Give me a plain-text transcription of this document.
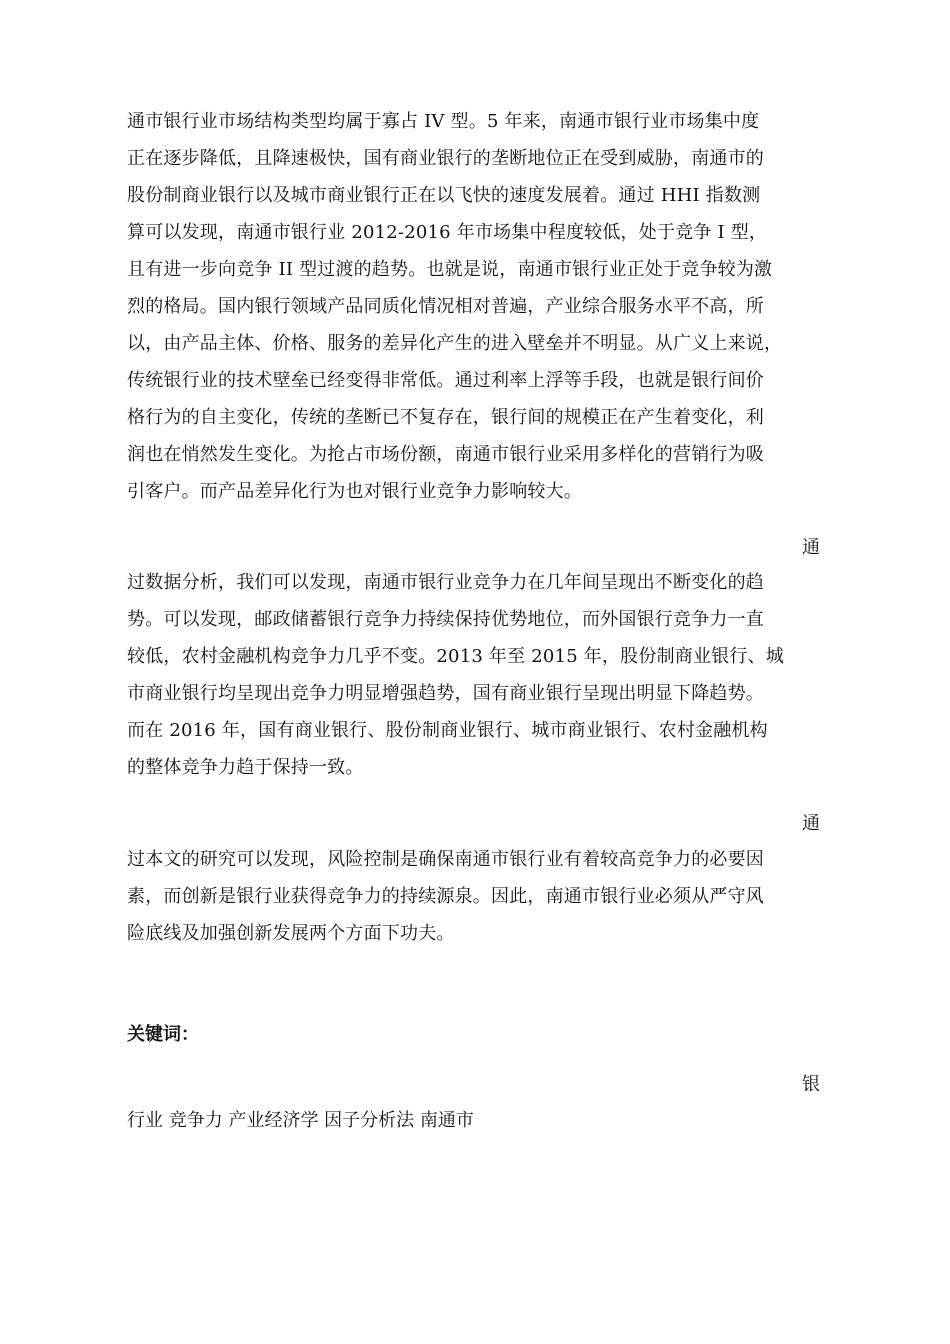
通市银行业市场结构类型均属于寡占 IV 型。5 年来，南通市银行业市场集中度
正在逐步降低，且降速极快，国有商业银行的垄断地位正在受到威胁，南通市的
股份制商业银行以及城市商业银行正在以飞快的速度发展着。通过 HHI 指数测
算可以发现，南通市银行业 2012-2016 年市场集中程度较低，处于竞争 I 型，
且有进一步向竞争 II 型过渡的趋势。也就是说，南通市银行业正处于竞争较为激
烈的格局。国内银行领域产品同质化情况相对普遍，产业综合服务水平不高，所
以，由产品主体、价格、服务的差异化产生的进入壁垒并不明显。从广义上来说，
传统银行业的技术壁垒已经变得非常低。通过利率上浮等手段，也就是银行间价
格行为的自主变化，传统的垄断已不复存在，银行间的规模正在产生着变化，利
润也在悄然发生变化。为抢占市场份额，南通市银行业采用多样化的营销行为吸
引客户。而产品差异化行为也对银行业竞争力影响较大。
通
过数据分析，我们可以发现，南通市银行业竞争力在几年间呈现出不断变化的趋
势。可以发现，邮政储蓄银行竞争力持续保持优势地位，而外国银行竞争力一直
较低，农村金融机构竞争力几乎不变。2013 年至 2015 年，股份制商业银行、城
市商业银行均呈现出竞争力明显增强趋势，国有商业银行呈现出明显下降趋势。
而在 2016 年，国有商业银行、股份制商业银行、城市商业银行、农村金融机构
的整体竞争力趋于保持一致。
通
过本文的研究可以发现，风险控制是确保南通市银行业有着较高竞争力的必要因
素，而创新是银行业获得竞争力的持续源泉。因此，南通市银行业必须从严守风
险底线及加强创新发展两个方面下功夫。
关键词：
银
行业 竞争力 产业经济学 因子分析法 南通市
